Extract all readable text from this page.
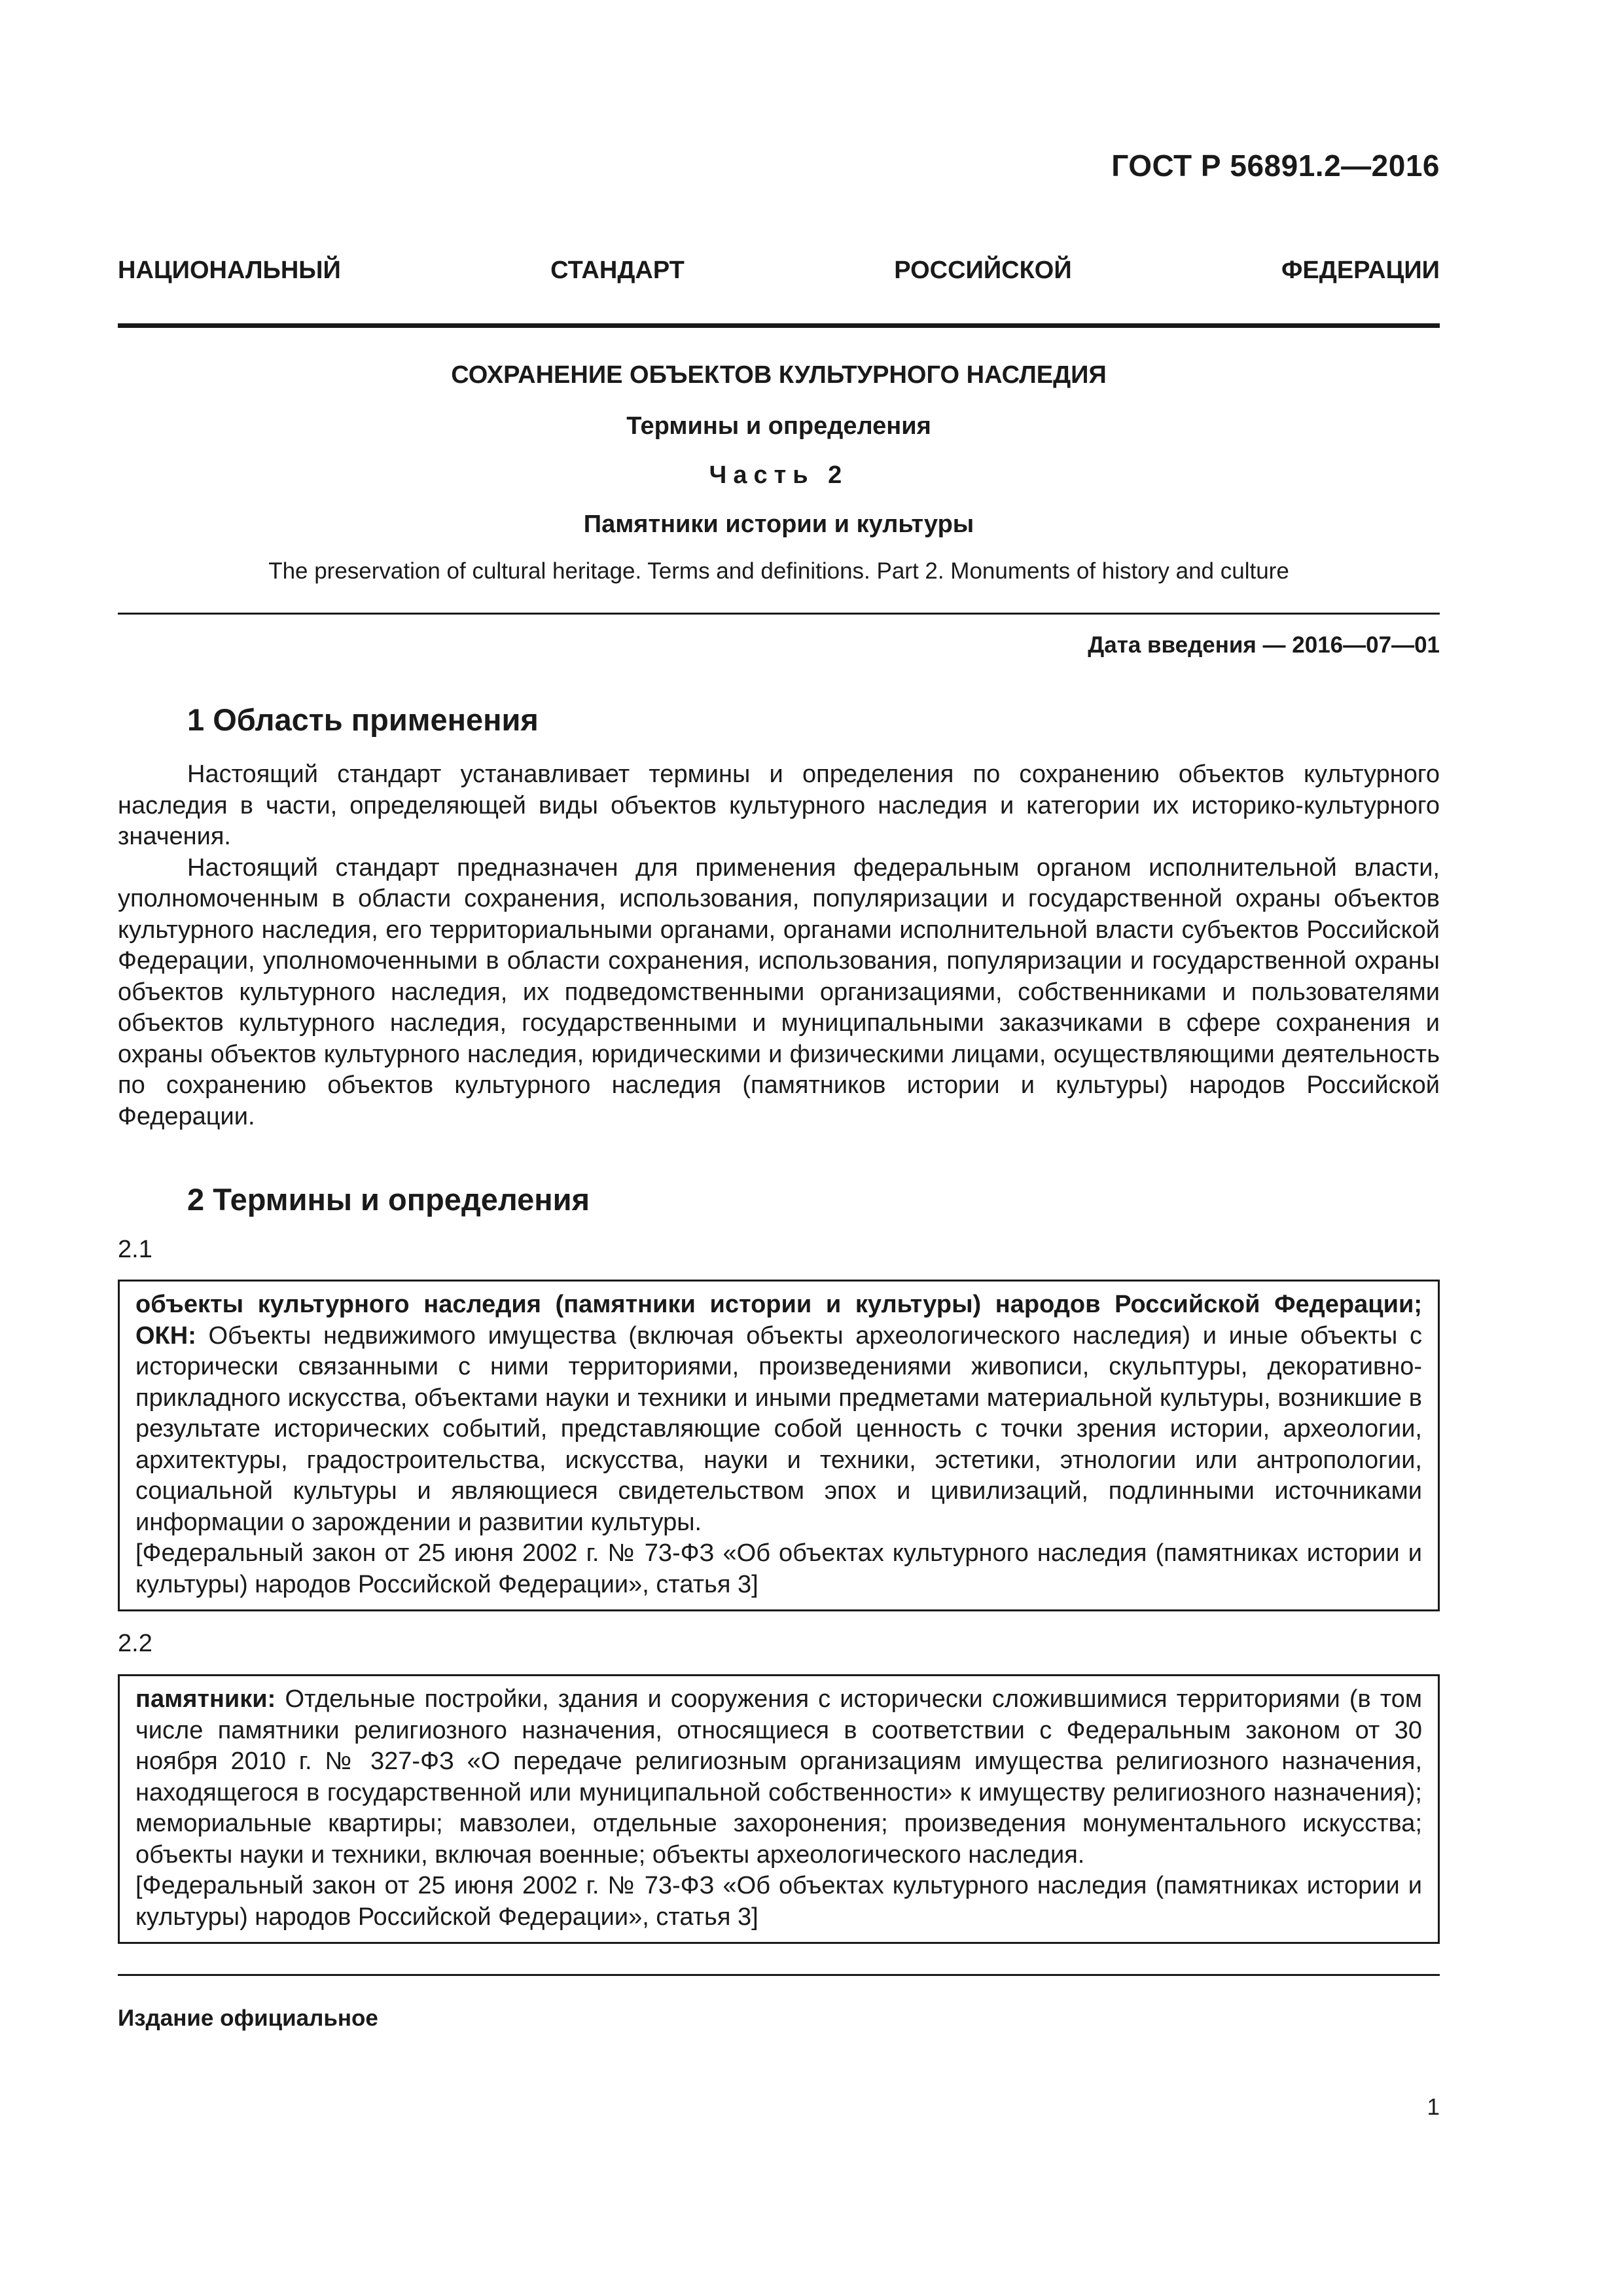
ГОСТ Р 56891.2—2016
НАЦИОНАЛЬНЫЙ СТАНДАРТ РОССИЙСКОЙ ФЕДЕРАЦИИ
СОХРАНЕНИЕ ОБЪЕКТОВ КУЛЬТУРНОГО НАСЛЕДИЯ
Термины и определения
Часть 2
Памятники истории и культуры
The preservation of cultural heritage. Terms and definitions. Part 2. Monuments of history and culture
Дата введения — 2016—07—01
1 Область применения

Настоящий стандарт устанавливает термины и определения по сохранению объектов культурного наследия в части, определяющей виды объектов культурного наследия и категории их историко-культурного значения.

Настоящий стандарт предназначен для применения федеральным органом исполнительной власти, уполномоченным в области сохранения, использования, популяризации и государственной охраны объектов культурного наследия, его территориальными органами, органами исполнительной власти субъектов Российской Федерации, уполномоченными в области сохранения, использования, популяризации и государственной охраны объектов культурного наследия, их подведомственными организациями, собственниками и пользователями объектов культурного наследия, государственными и муниципальными заказчиками в сфере сохранения и охраны объектов культурного наследия, юридическими и физическими лицами, осуществляющими деятельность по сохранению объектов культурного наследия (памятников истории и культуры) народов Российской Федерации.

2 Термины и определения
2.1

объекты культурного наследия (памятники истории и культуры) народов Российской Федерации; ОКН: Объекты недвижимого имущества (включая объекты археологического наследия) и иные объекты с исторически связанными с ними территориями, произведениями живописи, скульптуры, декоративно-прикладного искусства, объектами науки и техники и иными предметами материальной культуры, возникшие в результате исторических событий, представляющие собой ценность с точки зрения истории, археологии, архитектуры, градостроительства, искусства, науки и техники, эстетики, этнологии или антропологии, социальной культуры и являющиеся свидетельством эпох и цивилизаций, подлинными источниками информации о зарождении и развитии культуры.

[Федеральный закон от 25 июня 2002 г. № 73-ФЗ «Об объектах культурного наследия (памятниках истории и культуры) народов Российской Федерации», статья 3]

2.2

памятники: Отдельные постройки, здания и сооружения с исторически сложившимися территориями (в том числе памятники религиозного назначения, относящиеся в соответствии с Федеральным законом от 30 ноября 2010 г. № 327-ФЗ «О передаче религиозным организациям имущества религиозного назначения, находящегося в государственной или муниципальной собственности» к имуществу религиозного назначения); мемориальные квартиры; мавзолеи, отдельные захоронения; произведения монументального искусства; объекты науки и техники, включая военные; объекты археологического наследия.

[Федеральный закон от 25 июня 2002 г. № 73-ФЗ «Об объектах культурного наследия (памятниках истории и культуры) народов Российской Федерации», статья 3]

Издание официальное
1
